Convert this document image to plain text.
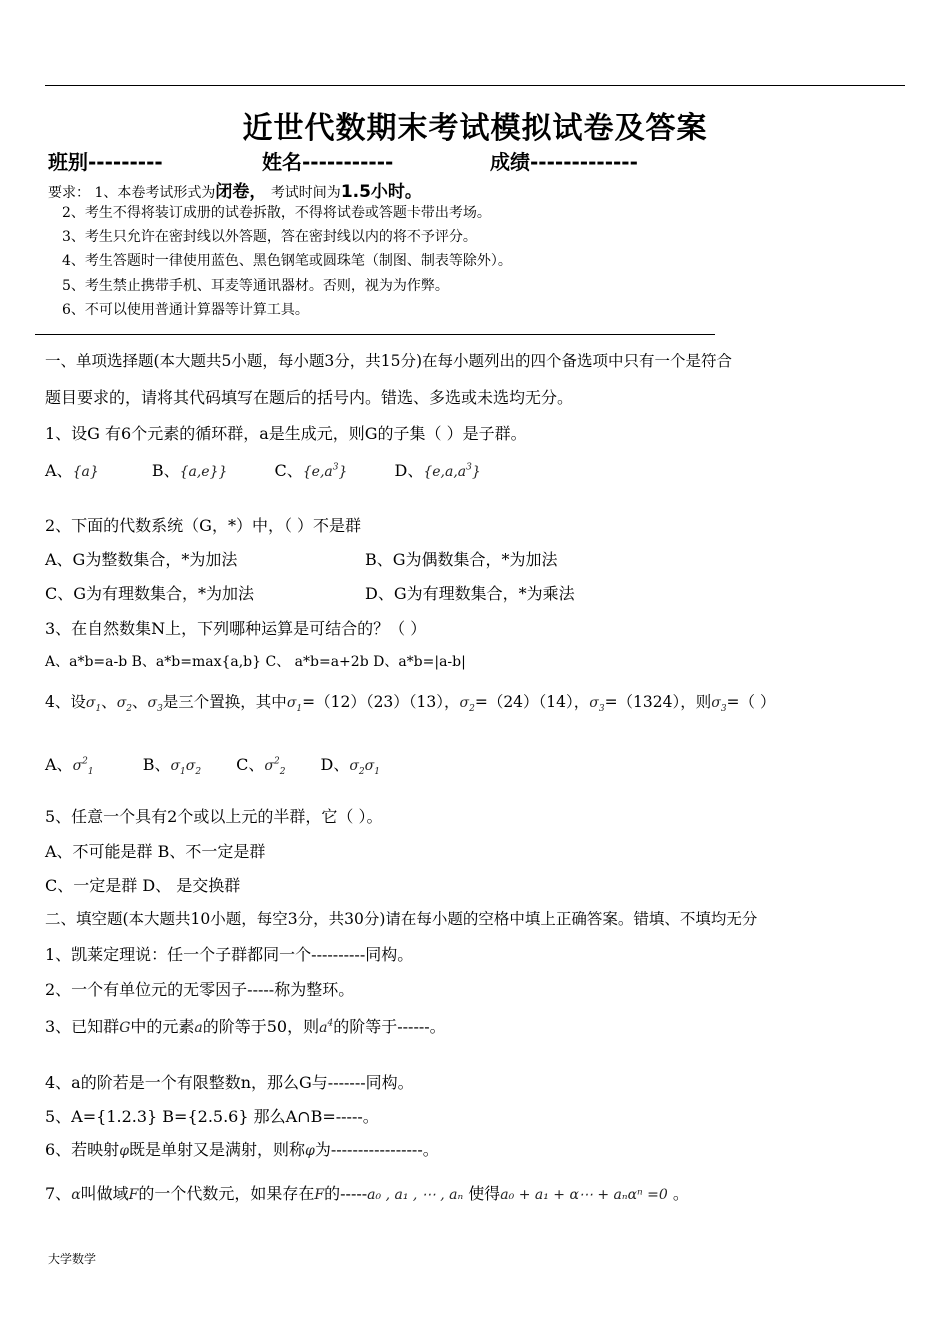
近世代数期末考试模拟试卷及答案
班别---------	姓名-----------	成绩-------------
要求： 1、本卷考试形式为闭卷， 考试时间为1.5小时。
2、考生不得将装订成册的试卷拆散，不得将试卷或答题卡带出考场。
3、考生只允许在密封线以外答题，答在密封线以内的将不予评分。
4、考生答题时一律使用蓝色、黑色钢笔或圆珠笔（制图、制表等除外）。
5、考生禁止携带手机、耳麦等通讯器材。否则，视为为作弊。
6、不可以使用普通计算器等计算工具。
一、单项选择题(本大题共5小题，每小题3分，共15分)在每小题列出的四个备选项中只有一个是符合
题目要求的，请将其代码填写在题后的括号内。错选、多选或未选均无分。
1、设G 有6个元素的循环群，a是生成元，则G的子集（ ）是子群。
A、{a}	B、{a,e}}	C、$\{e,a^3\}$	D、$\{e,a,a^3\}$
2、下面的代数系统（G，*）中，（ ）不是群
A、G为整数集合，*为加法	B、G为偶数集合，*为加法
C、G为有理数集合，*为加法	D、G为有理数集合，*为乘法
3、在自然数集N上，下列哪种运算是可结合的？（ ）
A、a*b=a-b B、a*b=max{a,b} C、 a*b=a+2b D、a*b=|a-b|
4、设$\sigma_1$、$\sigma_2$、$\sigma_3$是三个置换，其中$\sigma_1=(12)(23)(13)$，$\sigma_2=(24)(14)$，$\sigma_3=(1324)$，则$\sigma_3=$（ ）
A、$\sigma^2_1$	B、$\sigma_1\sigma_2$ C、$\sigma^2_2$ D、$\sigma_2\sigma_1$
5、任意一个具有2个或以上元的半群，它（ ）。
A、不可能是群 B、不一定是群
C、一定是群 D、 是交换群
二、填空题(本大题共10小题，每空3分，共30分)请在每小题的空格中填上正确答案。错填、不填均无分
1、凯莱定理说：任一个子群都同一个----------同构。
2、一个有单位元的无零因子-----称为整环。
3、已知群G中的元素a的阶等于50，则$a^4$的阶等于------。
4、a的阶若是一个有限整数n，那么G与-------同构。
5、A={1.2.3} B={2.5.6} 那么A∩B=-----。
6、若映射φ既是单射又是满射，则称φ为-----------------。
7、α叫做域F的一个代数元，如果存在F的-----a₀ , a₁ , ⋯ , aₙ 使得a₀ + a₁ + α⋯ + aₙαⁿ =0 。
大学数学
